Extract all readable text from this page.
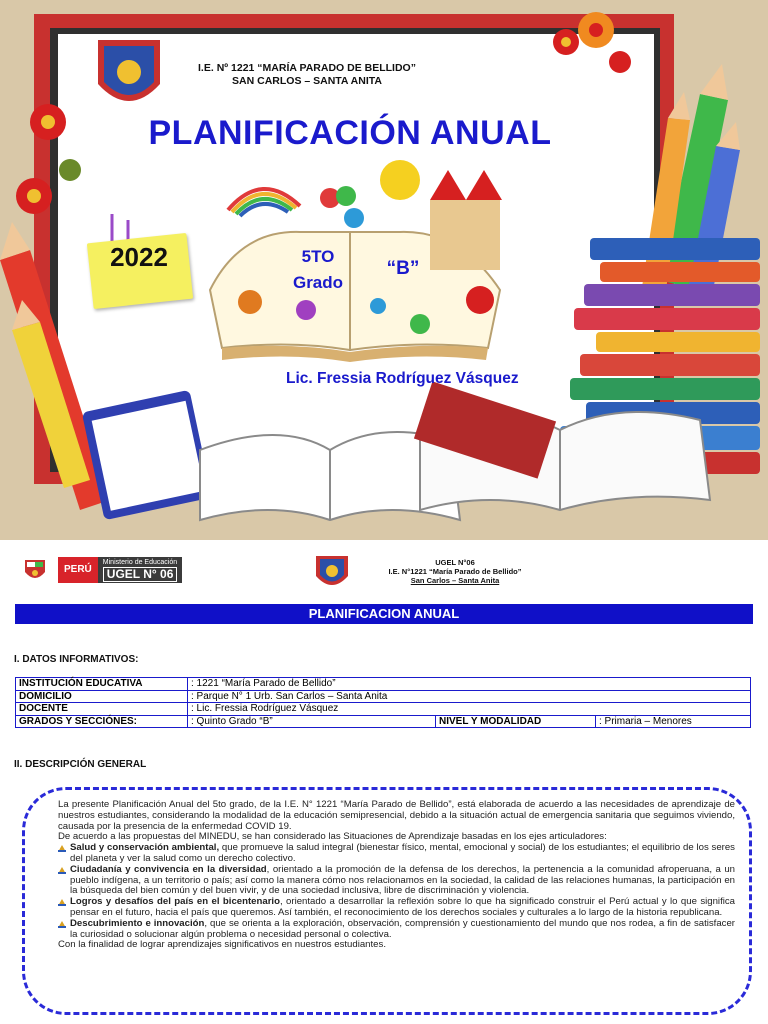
I.E. Nº 1221 “MARÍA PARADO DE BELLIDO”
SAN CARLOS – SANTA ANITA
PLANIFICACIÓN ANUAL
2022	5TO
Grado
“B”
Lic. Fressia Rodríguez Vásquez
PERÚ
Ministerio de Educación
UGEL N° 06
UGEL N°06
I.E. N°1221 “María Parado de Bellido”
San Carlos – Santa Anita
PLANIFICACION ANUAL
I. DATOS INFORMATIVOS:
INSTITUCIÓN EDUCATIVA	: 1221 “María Parado de Bellido”		
DOMICILIO	: Parque N° 1 Urb. San Carlos – Santa Anita		
DOCENTE	: Lic. Fressia Rodríguez Vásquez		
GRADOS Y SECCIÓNES:	: Quinto Grado “B”	NIVEL Y MODALIDAD	: Primaria – Menores
II. DESCRIPCIÓN GENERAL

La presente Planificación Anual del 5to grado, de la I.E. N° 1221 “María Parado de Bellido”, está elaborada de acuerdo a las necesidades de aprendizaje de nuestros estudiantes, considerando la modalidad de la educación semipresencial, debido a la situación actual de emergencia sanitaria que seguimos viviendo, causada por la presencia de la enfermedad COVID 19.

De acuerdo a las propuestas del MINEDU, se han considerado las Situaciones de Aprendizaje basadas en los ejes articuladores:

Salud y conservación ambiental, que promueve la salud integral (bienestar físico, mental, emocional y social) de los estudiantes; el equilibrio de los seres del planeta y ver la salud como un derecho colectivo.
Ciudadanía y convivencia en la diversidad, orientado a la promoción de la defensa de los derechos, la pertenencia a la comunidad afroperuana, a un pueblo indígena, a un territorio o país; así como la manera cómo nos relacionamos en la sociedad, la calidad de las relaciones humanas, la participación en la búsqueda del bien común y del buen vivir, y de una sociedad inclusiva, libre de discriminación y violencia.
Logros y desafíos del país en el bicentenario, orientado a desarrollar la reflexión sobre lo que ha significado construir el Perú actual y lo que significa pensar en el futuro, hacia el país que queremos. Así también, el reconocimiento de los derechos sociales y culturales a lo largo de la historia republicana.
Descubrimiento e innovación, que se orienta a la exploración, observación, comprensión y cuestionamiento del mundo que nos rodea, a fin de satisfacer la curiosidad o solucionar algún problema o necesidad personal o colectiva.

Con la finalidad de lograr aprendizajes significativos en nuestros estudiantes.
